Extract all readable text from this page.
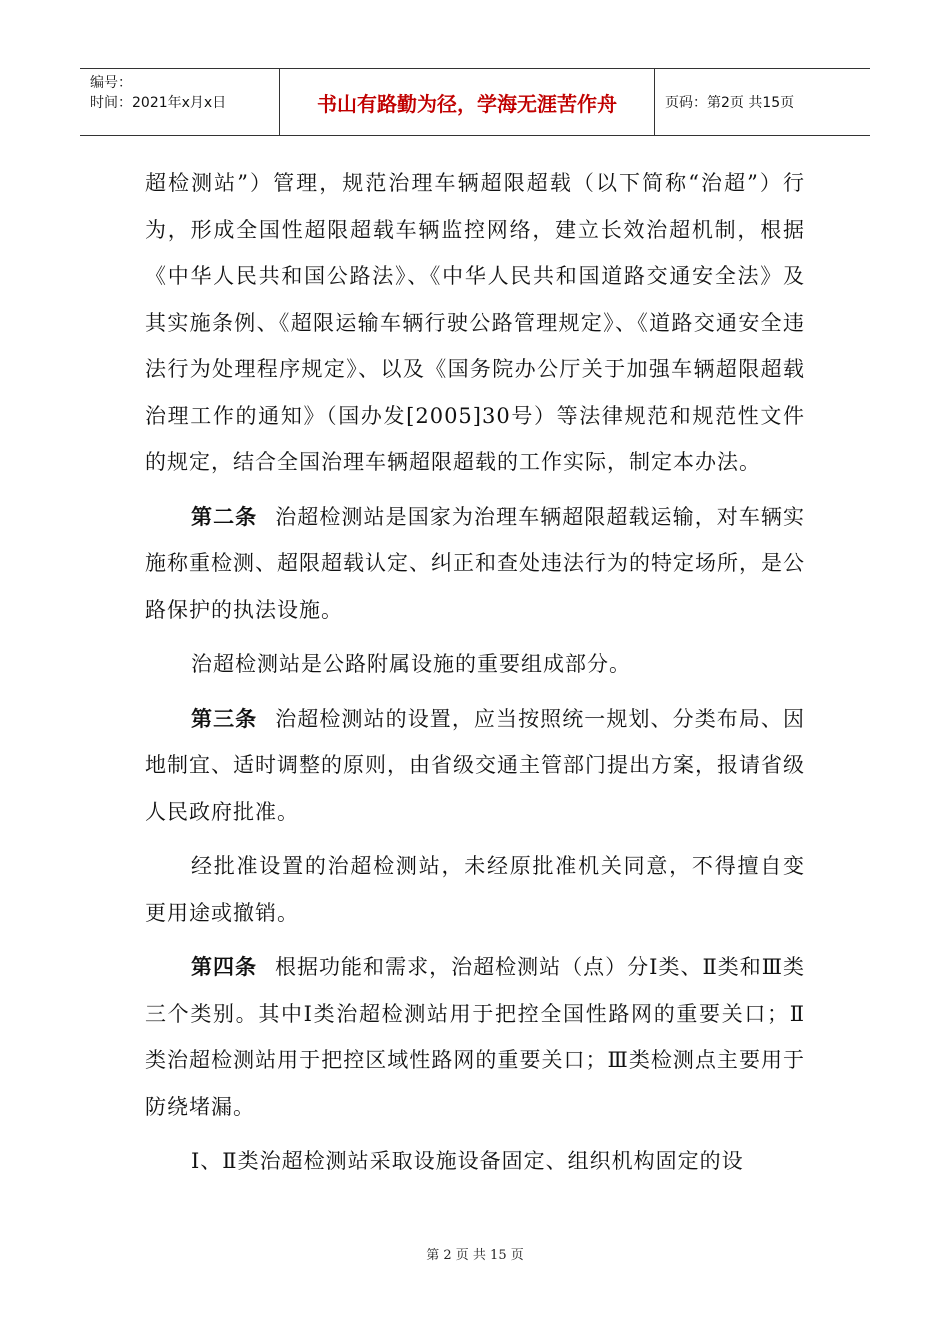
编号：
时间：2021年x月x日	书山有路勤为径，学海无涯苦作舟	页码：第2页 共15页

超检测站”）管理，规范治理车辆超限超载（以下简称“治超”）行为，形成全国性超限超载车辆监控网络，建立长效治超机制，根据《中华人民共和国公路法》、《中华人民共和国道路交通安全法》及其实施条例、《超限运输车辆行驶公路管理规定》、《道路交通安全违法行为处理程序规定》、以及《国务院办公厅关于加强车辆超限超载治理工作的通知》（国办发[2005]30号）等法律规范和规范性文件的规定，结合全国治理车辆超限超载的工作实际，制定本办法。

第二条 治超检测站是国家为治理车辆超限超载运输，对车辆实施称重检测、超限超载认定、纠正和查处违法行为的特定场所，是公路保护的执法设施。

治超检测站是公路附属设施的重要组成部分。

第三条 治超检测站的设置，应当按照统一规划、分类布局、因地制宜、适时调整的原则，由省级交通主管部门提出方案，报请省级人民政府批准。

经批准设置的治超检测站，未经原批准机关同意，不得擅自变更用途或撤销。

第四条 根据功能和需求，治超检测站（点）分Ⅰ类、Ⅱ类和Ⅲ类三个类别。其中Ⅰ类治超检测站用于把控全国性路网的重要关口；Ⅱ类治超检测站用于把控区域性路网的重要关口；Ⅲ类检测点主要用于防绕堵漏。

Ⅰ、Ⅱ类治超检测站采取设施设备固定、组织机构固定的设

第 2 页 共 15 页
